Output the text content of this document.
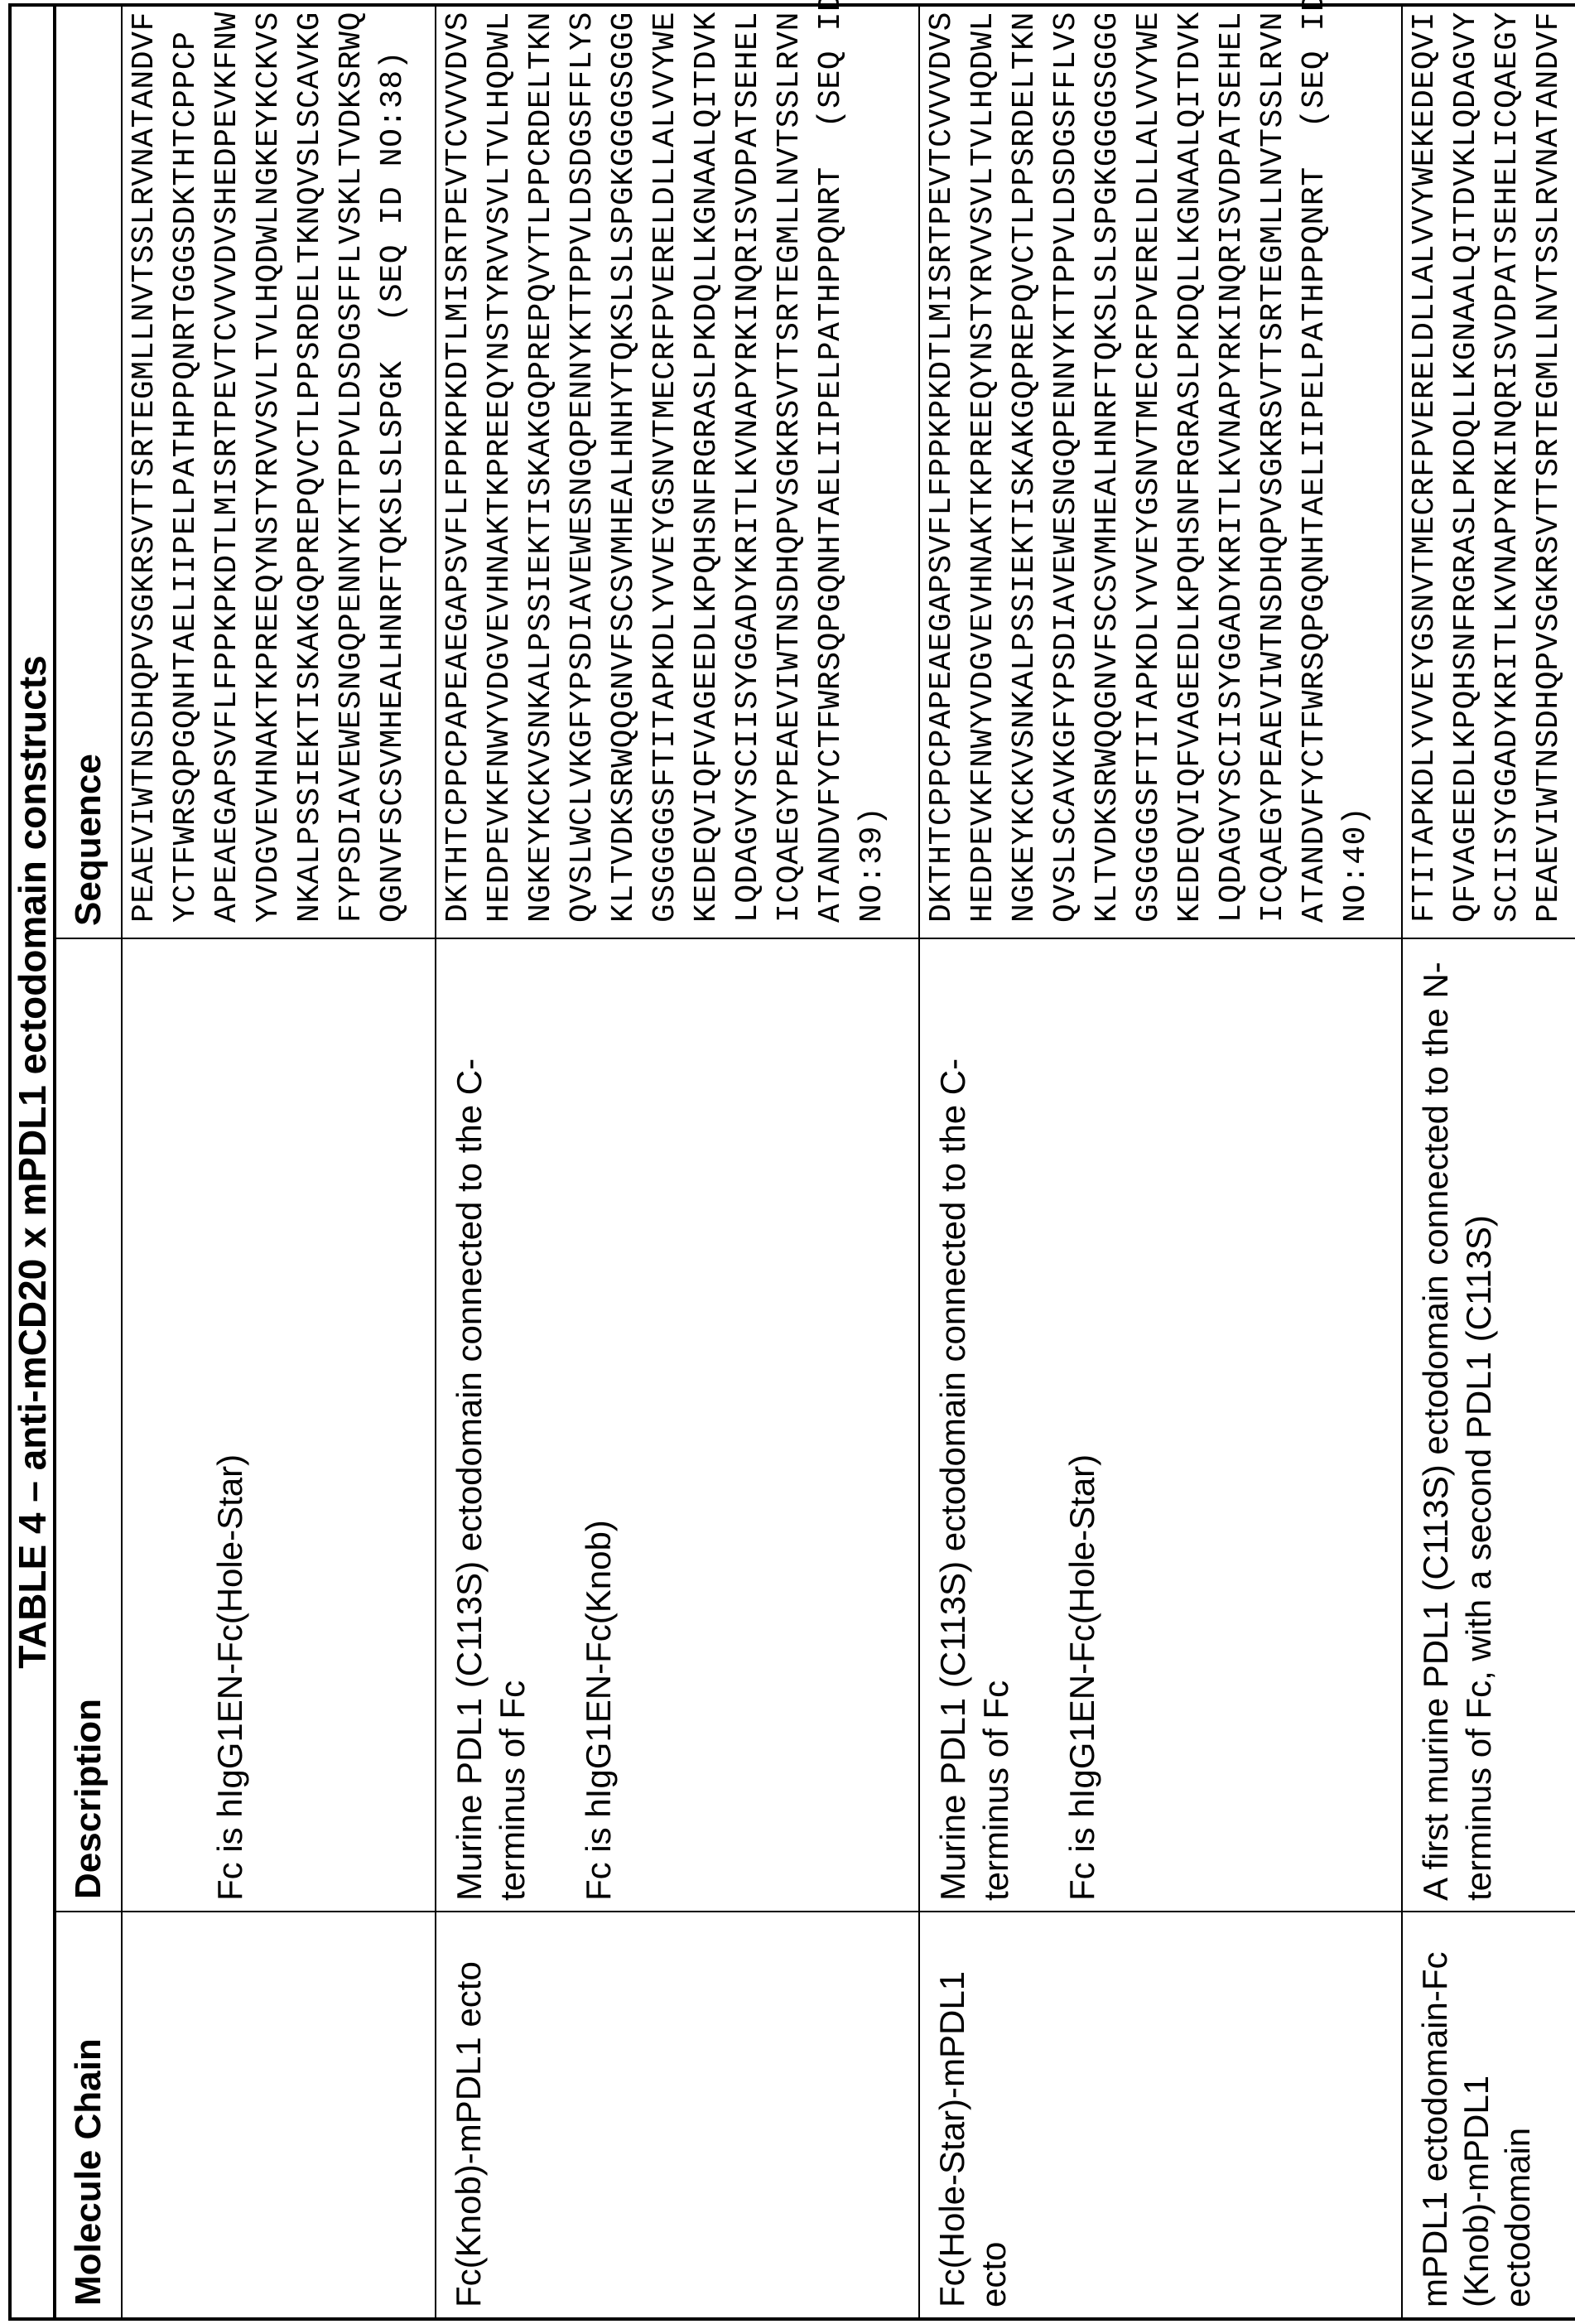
TABLE 4 – anti-mCD20 x mPDL1 ectodomain constructs
Molecule Chain	Description	Sequence

Fc is hIgG1EN-Fc(Hole-Star)

PEAEVIWTNSDHQPVSGKRSVTTSRTEGMLLNVTSSLRVNATANDVF YCTFWRSQPGQNHTAELIIPELPATHPPQNRTGGGSDKTHTCPPCP APEAEGAPSVFLFPPKPKDTLMISRTPEVTCVVVDVSHEDPEVKFNW YVDGVEVHNAKTKPREEQYNSTYRVVSVLTVLHQDWLNGKEYKCKVS NKALPSSIEKTISKAKGQPREPQVCTLPPSRDELTKNQVSLSCAVKG FYPSDIAVEWESNGQPENNYKTTPPVLDSDGSFFLVSKLTVDKSRWQ QGNVFSCSVMHEALHNRFTQKSLSLSPGK  (SEQ ID NO:38)

Fc(Knob)-mPDL1 ecto	

Murine PDL1 (C113S) ectodomain connected to the C-terminus of Fc Fc is hIgG1EN-Fc(Knob)

DKTHTCPPCPAPEAEGAPSVFLFPPKPKDTLMISRTPEVTCVVVDVS HEDPEVKFNWYVDGVEVHNAKTKPREEQYNSTYRVVSVLTVLHQDWL NGKEYKCKVSNKALPSSIEKTISKAKGQPREPQVYTLPPCRDELTKN QVSLWCLVKGFYPSDIAVEWESNGQPENNYKTTPPVLDSDGSFFLYS KLTVDKSRWQQGNVFSCSVMHEALHNHYTQKSLSLSPGKGGGGSGGG GSGGGGSFTITAPKDLYVVEYGSNVTMECRFPVERELDLLALVVYWE KEDEQVIQFVAGEEDLKPQHSNFRGRASLPKDQLLKGNAALQITDVK LQDAGVYSCIISYGGADYKRITLKVNAPYRKINQRISVDPATSEHEL ICQAEGYPEAEVIWTNSDHQPVSGKRSVTTSRTEGMLLNVTSSLRVN ATANDVFYCTFWRSQPGQNHTAELIIPELPATHPPQNRT  (SEQ ID NO:39)

Fc(Hole-Star)-mPDL1 ecto	

Murine PDL1 (C113S) ectodomain connected to the C-terminus of Fc Fc is hIgG1EN-Fc(Hole-Star)

DKTHTCPPCPAPEAEGAPSVFLFPPKPKDTLMISRTPEVTCVVVDVS HEDPEVKFNWYVDGVEVHNAKTKPREEQYNSTYRVVSVLTVLHQDWL NGKEYKCKVSNKALPSSIEKTISKAKGQPREPQVCTLPPSRDELTKN QVSLSCAVKGFYPSDIAVEWESNGQPENNYKTTPPVLDSDGSFFLVS KLTVDKSRWQQGNVFSCSVMHEALHNRFTQKSLSLSPGKGGGGSGGG GSGGGGSFTITAPKDLYVVEYGSNVTMECRFPVERELDLLALVVYWE KEDEQVIQFVAGEEDLKPQHSNFRGRASLPKDQLLKGNAALQITDVK LQDAGVYSCIISYGGADYKRITLKVNAPYRKINQRISVDPATSEHEL ICQAEGYPEAEVIWTNSDHQPVSGKRSVTTSRTEGMLLNVTSSLRVN ATANDVFYCTFWRSQPGQNHTAELIIPELPATHPPQNRT  (SEQ ID NO:40)

mPDL1 ectodomain-Fc (Knob)-mPDL1 ectodomain	

A first murine PDL1 (C113S) ectodomain connected to the N-terminus of Fc, with a second PDL1 (C113S)

FTITAPKDLYVVEYGSNVTMECRFPVERELDLLALVVYWEKEDEQVI QFVAGEEDLKPQHSNFRGRASLPKDQLLKGNAALQITDVKLQDAGVY SCIISYGGADYKRITLKVNAPYRKINQRISVDPATSEHELICQAEGY PEAEVIWTNSDHQPVSGKRSVTTSRTEGMLLNVTSSLRVNATANDVF
